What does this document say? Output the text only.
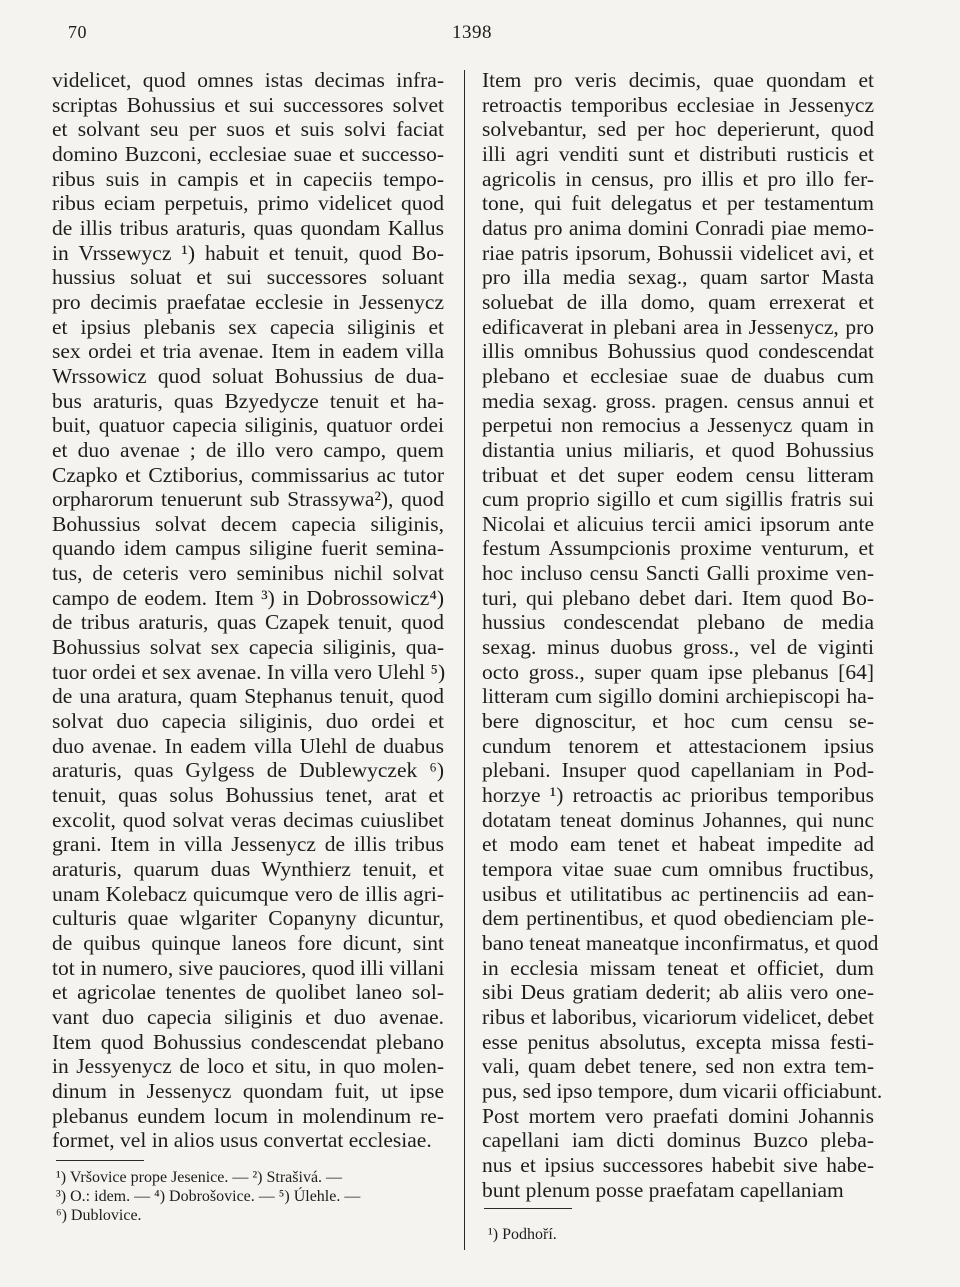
70	1398
videlicet, quod omnes istas decimas infra-
scriptas Bohussius et sui successores solvet
et solvant seu per suos et suis solvi faciat
domino Buzconi, ecclesiae suae et successo-
ribus suis in campis et in capeciis tempo-
ribus eciam perpetuis, primo videlicet quod
de illis tribus araturis, quas quondam Kallus
in Vrssewycz ¹) habuit et tenuit, quod Bo-
hussius soluat et sui successores soluant
pro decimis praefatae ecclesie in Jessenycz
et ipsius plebanis sex capecia siliginis et
sex ordei et tria avenae. Item in eadem villa
Wrssowicz quod soluat Bohussius de dua-
bus araturis, quas Bzyedycze tenuit et ha-
buit, quatuor capecia siliginis, quatuor ordei
et duo avenae ; de illo vero campo, quem
Czapko et Cztiborius, commissarius ac tutor
orpharorum tenuerunt sub Strassywa²), quod
Bohussius solvat decem capecia siliginis,
quando idem campus siligine fuerit semina-
tus, de ceteris vero seminibus nichil solvat
campo de eodem. Item ³) in Dobrossowicz⁴)
de tribus araturis, quas Czapek tenuit, quod
Bohussius solvat sex capecia siliginis, qua-
tuor ordei et sex avenae. In villa vero Ulehl ⁵)
de una aratura, quam Stephanus tenuit, quod
solvat duo capecia siliginis, duo ordei et
duo avenae. In eadem villa Ulehl de duabus
araturis, quas Gylgess de Dublewyczek ⁶)
tenuit, quas solus Bohussius tenet, arat et
excolit, quod solvat veras decimas cuiuslibet
grani. Item in villa Jessenycz de illis tribus
araturis, quarum duas Wynthierz tenuit, et
unam Kolebacz quicumque vero de illis agri-
culturis quae wlgariter Copanyny dicuntur,
de quibus quinque laneos fore dicunt, sint
tot in numero, sive pauciores, quod illi villani
et agricolae tenentes de quolibet laneo sol-
vant duo capecia siliginis et duo avenae.
Item quod Bohussius condescendat plebano
in Jessyenycz de loco et situ, in quo molen-
dinum in Jessenycz quondam fuit, ut ipse
plebanus eundem locum in molendinum re-
formet, vel in alios usus convertat ecclesiae.
Item pro veris decimis, quae quondam et
retroactis temporibus ecclesiae in Jessenycz
solvebantur, sed per hoc deperierunt, quod
illi agri venditi sunt et distributi rusticis et
agricolis in census, pro illis et pro illo fer-
tone, qui fuit delegatus et per testamentum
datus pro anima domini Conradi piae memo-
riae patris ipsorum, Bohussii videlicet avi, et
pro illa media sexag., quam sartor Masta
soluebat de illa domo, quam errexerat et
edificaverat in plebani area in Jessenycz, pro
illis omnibus Bohussius quod condescendat
plebano et ecclesiae suae de duabus cum
media sexag. gross. pragen. census annui et
perpetui non remocius a Jessenycz quam in
distantia unius miliaris, et quod Bohussius
tribuat et det super eodem censu litteram
cum proprio sigillo et cum sigillis fratris sui
Nicolai et alicuius tercii amici ipsorum ante
festum Assumpcionis proxime venturum, et
hoc incluso censu Sancti Galli proxime ven-
turi, qui plebano debet dari. Item quod Bo-
hussius condescendat plebano de media
sexag. minus duobus gross., vel de viginti
octo gross., super quam ipse plebanus [64]
litteram cum sigillo domini archiepiscopi ha-
bere dignoscitur, et hoc cum censu se-
cundum tenorem et attestacionem ipsius
plebani. Insuper quod capellaniam in Pod-
horzye ¹) retroactis ac prioribus temporibus
dotatam teneat dominus Johannes, qui nunc
et modo eam tenet et habeat impedite ad
tempora vitae suae cum omnibus fructibus,
usibus et utilitatibus ac pertinenciis ad ean-
dem pertinentibus, et quod obedienciam ple-
bano teneat maneatque inconfirmatus, et quod
in ecclesia missam teneat et officiet, dum
sibi Deus gratiam dederit; ab aliis vero one-
ribus et laboribus, vicariorum videlicet, debet
esse penitus absolutus, excepta missa festi-
vali, quam debet tenere, sed non extra tem-
pus, sed ipso tempore, dum vicarii officiabunt.
Post mortem vero praefati domini Johannis
capellani iam dicti dominus Buzco pleba-
nus et ipsius successores habebit sive habe-
bunt plenum posse praefatam capellaniam
¹) Vršovice prope Jesenice. — ²) Strašivá. —
³) O.: idem. — ⁴) Dobrošovice. — ⁵) Úlehle. —
⁶) Dublovice.
¹) Podhoří.
